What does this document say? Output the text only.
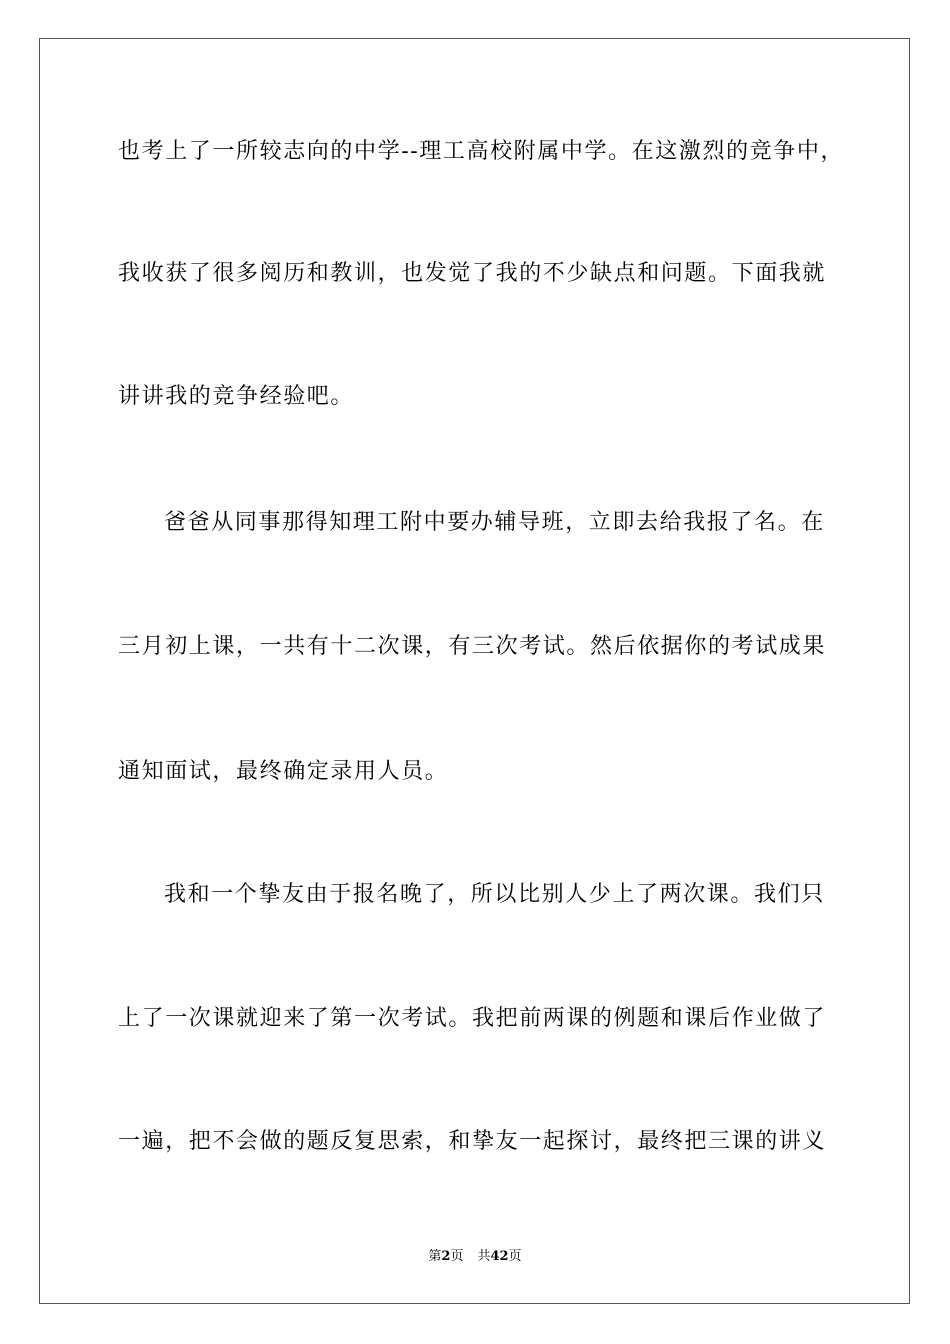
也考上了一所较志向的中学--理工高校附属中学。在这激烈的竞争中，
我收获了很多阅历和教训，也发觉了我的不少缺点和问题。下面我就
讲讲我的竞争经验吧。
爸爸从同事那得知理工附中要办辅导班，立即去给我报了名。在
三月初上课，一共有十二次课，有三次考试。然后依据你的考试成果
通知面试，最终确定录用人员。
我和一个挚友由于报名晚了，所以比别人少上了两次课。我们只
上了一次课就迎来了第一次考试。我把前两课的例题和课后作业做了
一遍，把不会做的题反复思索，和挚友一起探讨，最终把三课的讲义
第2页 共42页
